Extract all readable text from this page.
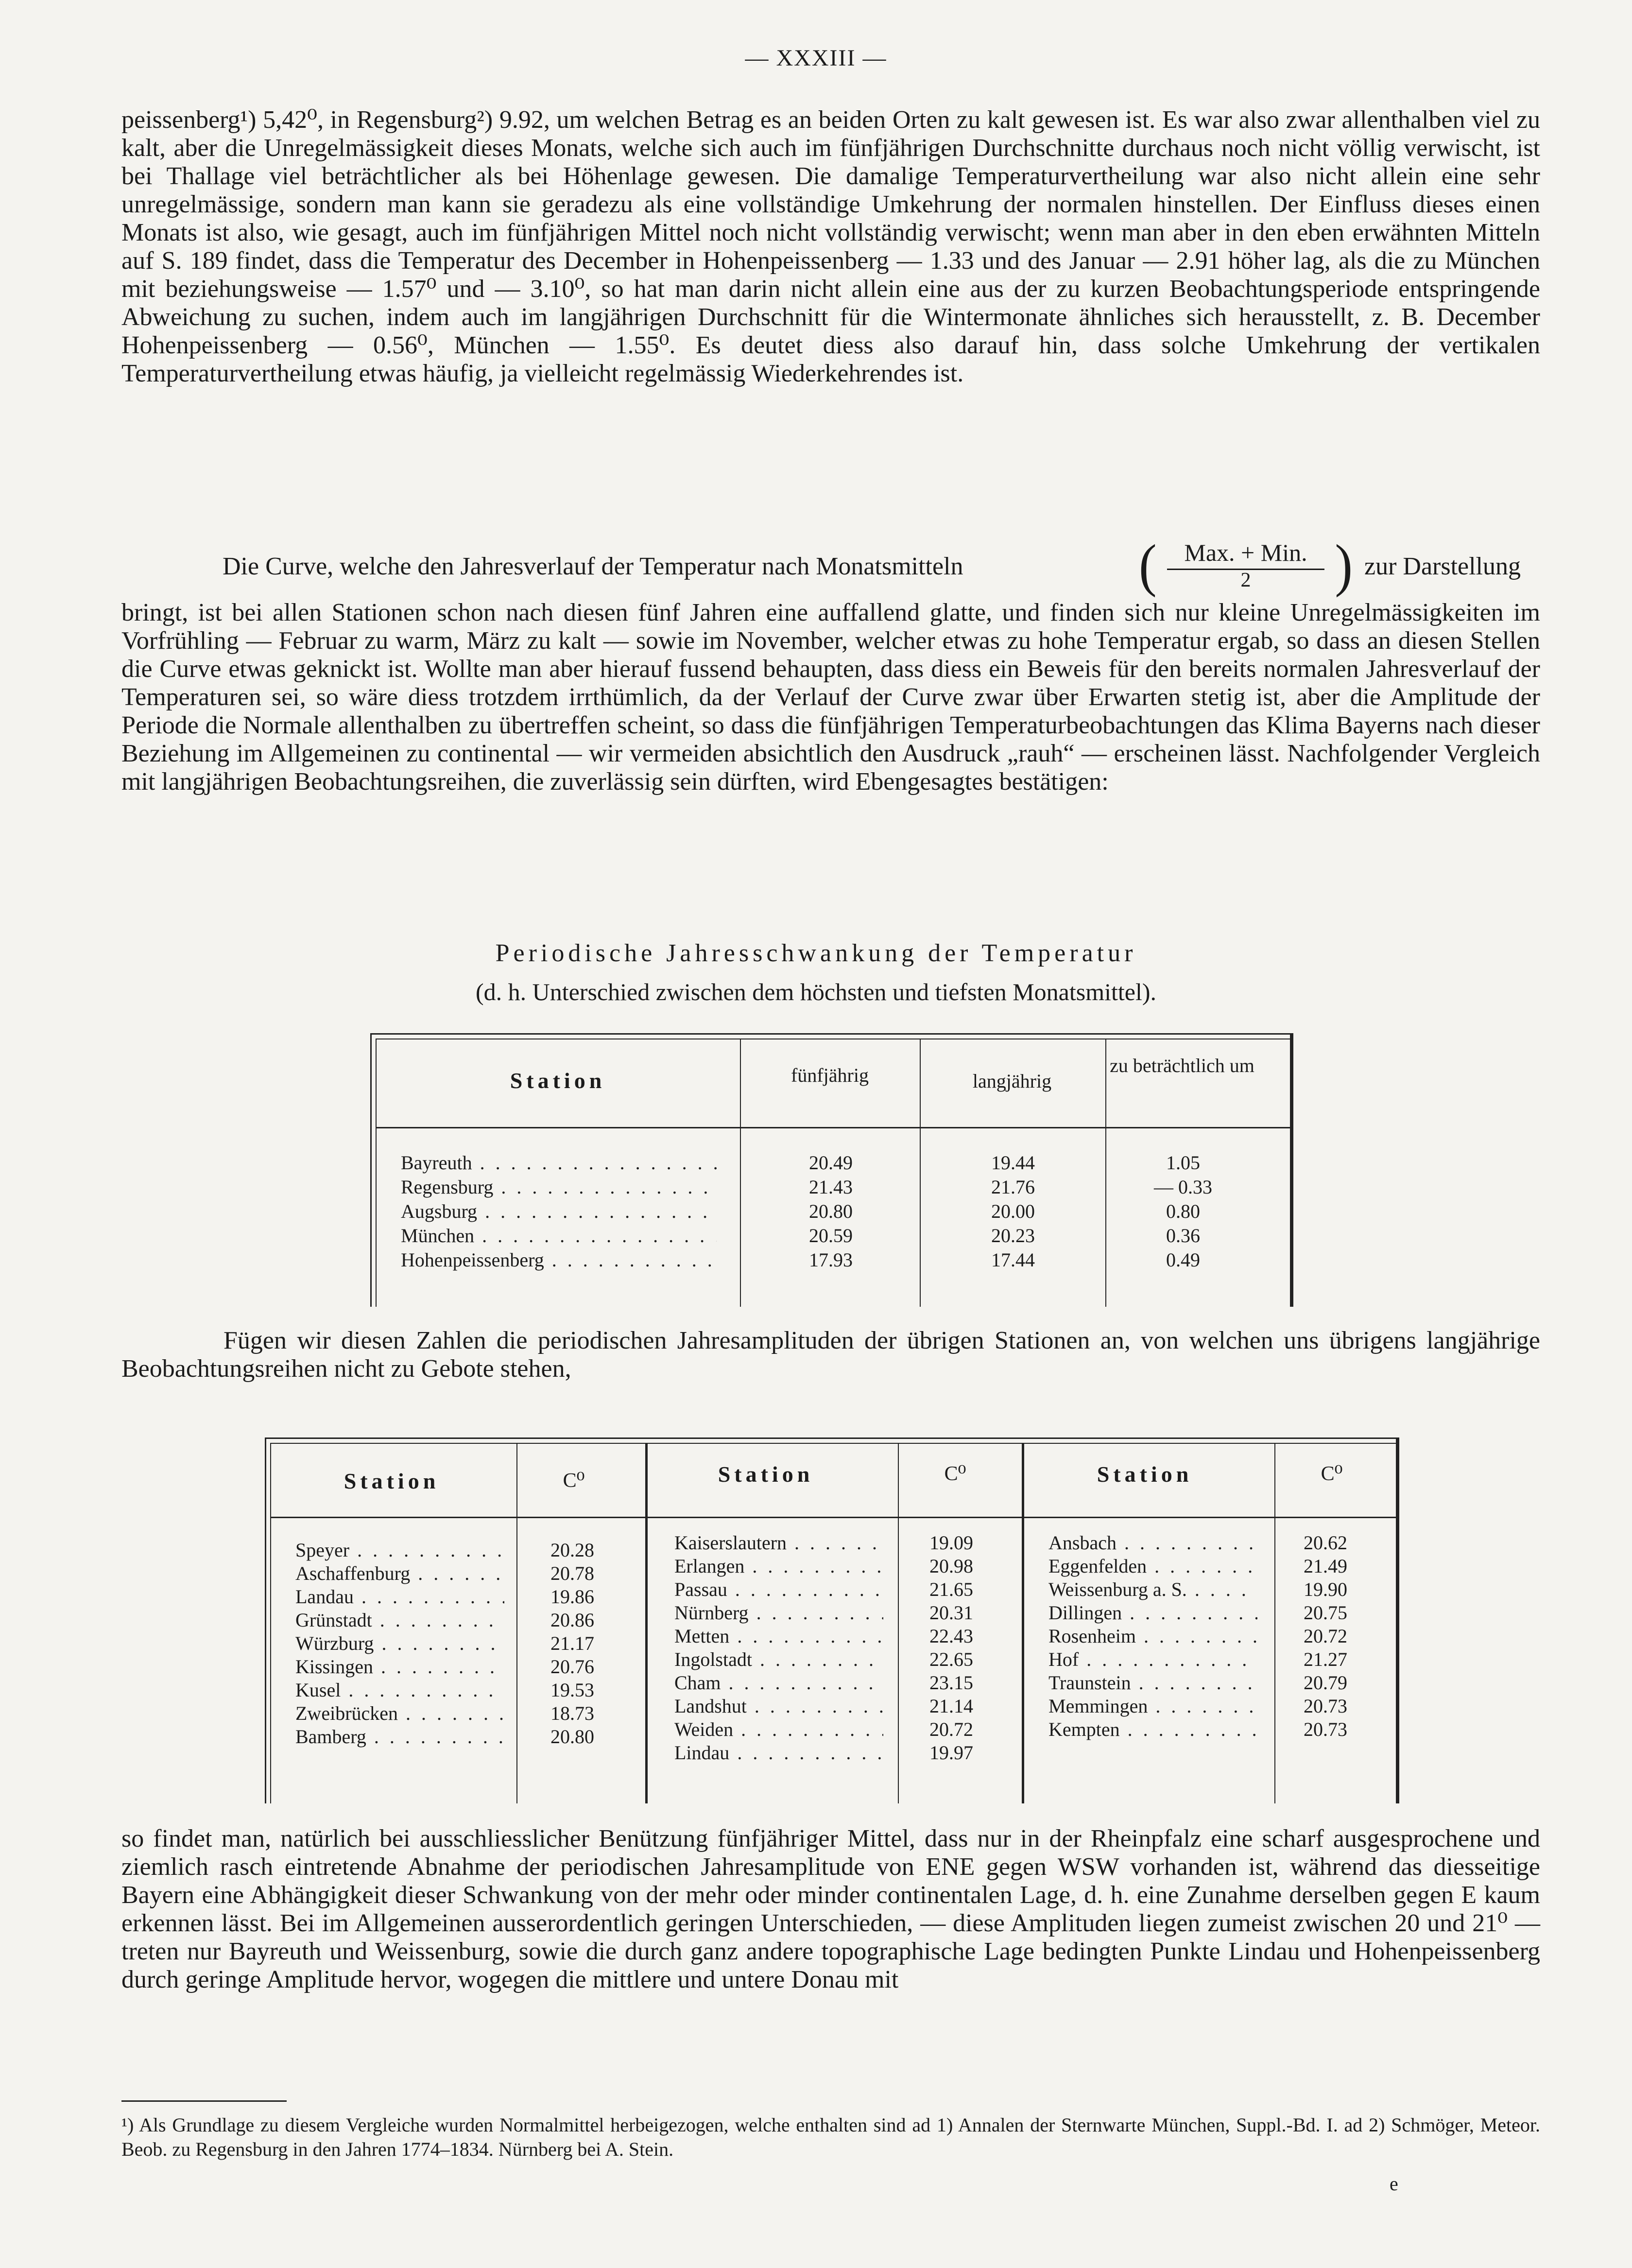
— XXXIII —

peissenberg¹) 5,42⁰, in Regensburg²) 9.92, um welchen Betrag es an beiden Orten zu kalt gewesen ist. Es war also zwar allenthalben viel zu kalt, aber die Unregelmässigkeit dieses Monats, welche sich auch im fünfjährigen Durchschnitte durchaus noch nicht völlig verwischt, ist bei Thallage viel beträchtlicher als bei Höhenlage gewesen. Die damalige Temperaturvertheilung war also nicht allein eine sehr unregelmässige, sondern man kann sie geradezu als eine vollständige Umkehrung der normalen hinstellen. Der Einfluss dieses einen Monats ist also, wie gesagt, auch im fünfjährigen Mittel noch nicht vollständig verwischt; wenn man aber in den eben erwähnten Mitteln auf S. 189 findet, dass die Temperatur des December in Hohenpeissenberg — 1.33 und des Januar — 2.91 höher lag, als die zu München mit beziehungsweise — 1.57⁰ und — 3.10⁰, so hat man darin nicht allein eine aus der zu kurzen Beobachtungsperiode entspringende Abweichung zu suchen, indem auch im langjährigen Durchschnitt für die Wintermonate ähnliches sich herausstellt, z. B. December Hohenpeissenberg — 0.56⁰, München — 1.55⁰. Es deutet diess also darauf hin, dass solche Umkehrung der vertikalen Temperaturvertheilung etwas häufig, ja vielleicht regelmässig Wiederkehrendes ist.

Die Curve, welche den Jahresverlauf der Temperatur nach Monatsmitteln	(	Max. + Min.
2	) zur Darstellung

bringt, ist bei allen Stationen schon nach diesen fünf Jahren eine auffallend glatte, und finden sich nur kleine Unregelmässigkeiten im Vorfrühling — Februar zu warm, März zu kalt — sowie im November, welcher etwas zu hohe Temperatur ergab, so dass an diesen Stellen die Curve etwas geknickt ist. Wollte man aber hierauf fussend behaupten, dass diess ein Beweis für den bereits normalen Jahresverlauf der Temperaturen sei, so wäre diess trotzdem irrthümlich, da der Verlauf der Curve zwar über Erwarten stetig ist, aber die Amplitude der Periode die Normale allenthalben zu übertreffen scheint, so dass die fünfjährigen Temperaturbeobachtungen das Klima Bayerns nach dieser Beziehung im Allgemeinen zu continental — wir vermeiden absichtlich den Ausdruck „rauh“ — erscheinen lässt. Nachfolgender Vergleich mit langjährigen Beobachtungsreihen, die zuverlässig sein dürften, wird Ebengesagtes bestätigen:

Periodische Jahresschwankung der Temperatur
(d. h. Unterschied zwischen dem höchsten und tiefsten Monatsmittel).
Station	fünfjährig	langjährig
zu beträchtlich um
Bayreuth . . .	20.49	19.44	1.05
Regensburg . . .	21.43	21.76	— 0.33
Augsburg . . .	20.80	20.00	0.80
München . . .	20.59	20.23	0.36
Hohenpeissenberg . . .	17.93	17.44	0.49

Fügen wir diesen Zahlen die periodischen Jahresamplituden der übrigen Stationen an, von welchen uns übrigens langjährige Beobachtungsreihen nicht zu Gebote stehen,

Station	C⁰	Station	C⁰	Station	C⁰
Speyer . . .	20.28
Aschaffenburg . . .	20.78
Landau . . .	19.86
Grünstadt . . .	20.86
Würzburg . . .	21.17
Kissingen . . .	20.76
Kusel . . .	19.53
Zweibrücken . . .	18.73
Bamberg . . .	20.80
Kaiserslautern . . .	19.09
Erlangen . . .	20.98
Passau . . .	21.65
Nürnberg . . .	20.31
Metten . . .	22.43
Ingolstadt . . .	22.65
Cham . . .	23.15
Landshut . . .	21.14
Weiden . . .	20.72
Lindau . . .	19.97
Ansbach . . .	20.62
Eggenfelden . . .	21.49
Weissenburg a. S. . . .	19.90
Dillingen . . .	20.75
Rosenheim . . .	20.72
Hof . . .	21.27
Traunstein . . .	20.79
Memmingen . . .	20.73
Kempten . . .	20.73

so findet man, natürlich bei ausschliesslicher Benützung fünfjähriger Mittel, dass nur in der Rheinpfalz eine scharf ausgesprochene und ziemlich rasch eintretende Abnahme der periodischen Jahresamplitude von ENE gegen WSW vorhanden ist, während das diesseitige Bayern eine Abhängigkeit dieser Schwankung von der mehr oder minder continentalen Lage, d. h. eine Zunahme derselben gegen E kaum erkennen lässt. Bei im Allgemeinen ausserordentlich geringen Unterschieden, — diese Amplituden liegen zumeist zwischen 20 und 21⁰ — treten nur Bayreuth und Weissenburg, sowie die durch ganz andere topographische Lage bedingten Punkte Lindau und Hohenpeissenberg durch geringe Amplitude hervor, wogegen die mittlere und untere Donau mit

¹) Als Grundlage zu diesem Vergleiche wurden Normalmittel herbeigezogen, welche enthalten sind ad 1) Annalen der Sternwarte München, Suppl.-Bd. I. ad 2) Schmöger, Meteor. Beob. zu Regensburg in den Jahren 1774–1834. Nürnberg bei A. Stein.
e
